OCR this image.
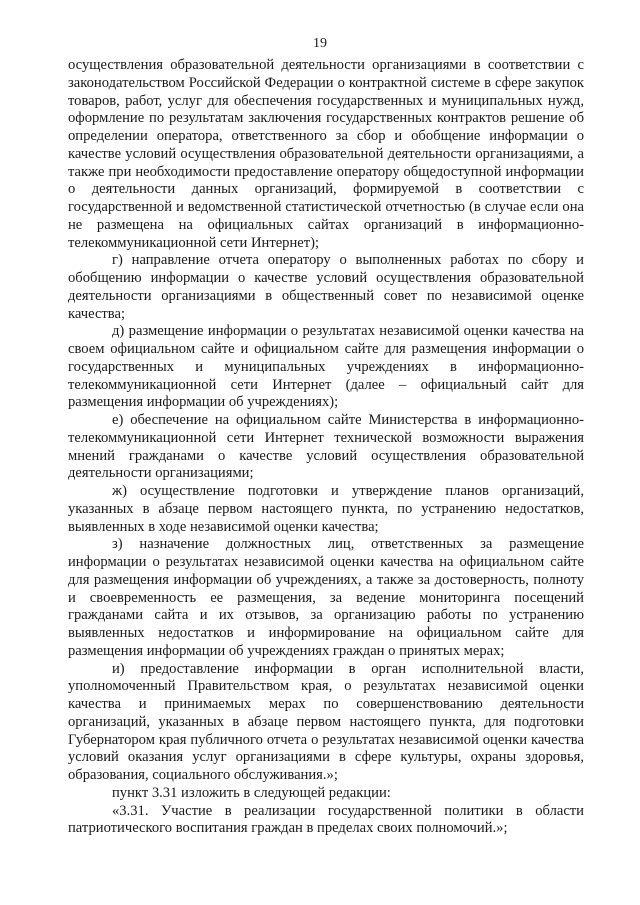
19

осуществления образовательной деятельности организациями в соответствии с законодательством Российской Федерации о контрактной системе в сфере закупок товаров, работ, услуг для обеспечения государственных и муниципальных нужд, оформление по результатам заключения государственных контрактов решение об определении оператора, ответственного за сбор и обобщение информации о качестве условий осуществления образовательной деятельности организациями, а также при необходимости предоставление оператору общедоступной информации о деятельности данных организаций, формируемой в соответствии с государственной и ведомственной статистической отчетностью (в случае если она не размещена на официальных сайтах организаций в информационно-телекоммуникационной сети Интернет);

г) направление отчета оператору о выполненных работах по сбору и обобщению информации о качестве условий осуществления образовательной деятельности организациями в общественный совет по независимой оценке качества;

д) размещение информации о результатах независимой оценки качества на своем официальном сайте и официальном сайте для размещения информации о государственных и муниципальных учреждениях в информационно-телекоммуникационной сети Интернет (далее – официальный сайт для размещения информации об учреждениях);

е) обеспечение на официальном сайте Министерства в информационно-телекоммуникационной сети Интернет технической возможности выражения мнений гражданами о качестве условий осуществления образовательной деятельности организациями;

ж) осуществление подготовки и утверждение планов организаций, указанных в абзаце первом настоящего пункта, по устранению недостатков, выявленных в ходе независимой оценки качества;

з) назначение должностных лиц, ответственных за размещение информации о результатах независимой оценки качества на официальном сайте для размещения информации об учреждениях, а также за достоверность, полноту и своевременность ее размещения, за ведение мониторинга посещений гражданами сайта и их отзывов, за организацию работы по устранению выявленных недостатков и информирование на официальном сайте для размещения информации об учреждениях граждан о принятых мерах;

и) предоставление информации в орган исполнительной власти, уполномоченный Правительством края, о результатах независимой оценки качества и принимаемых мерах по совершенствованию деятельности организаций, указанных в абзаце первом настоящего пункта, для подготовки Губернатором края публичного отчета о результатах независимой оценки качества условий оказания услуг организациями в сфере культуры, охраны здоровья, образования, социального обслуживания.»;

пункт 3.31 изложить в следующей редакции:

«3.31. Участие в реализации государственной политики в области патриотического воспитания граждан в пределах своих полномочий.»;
